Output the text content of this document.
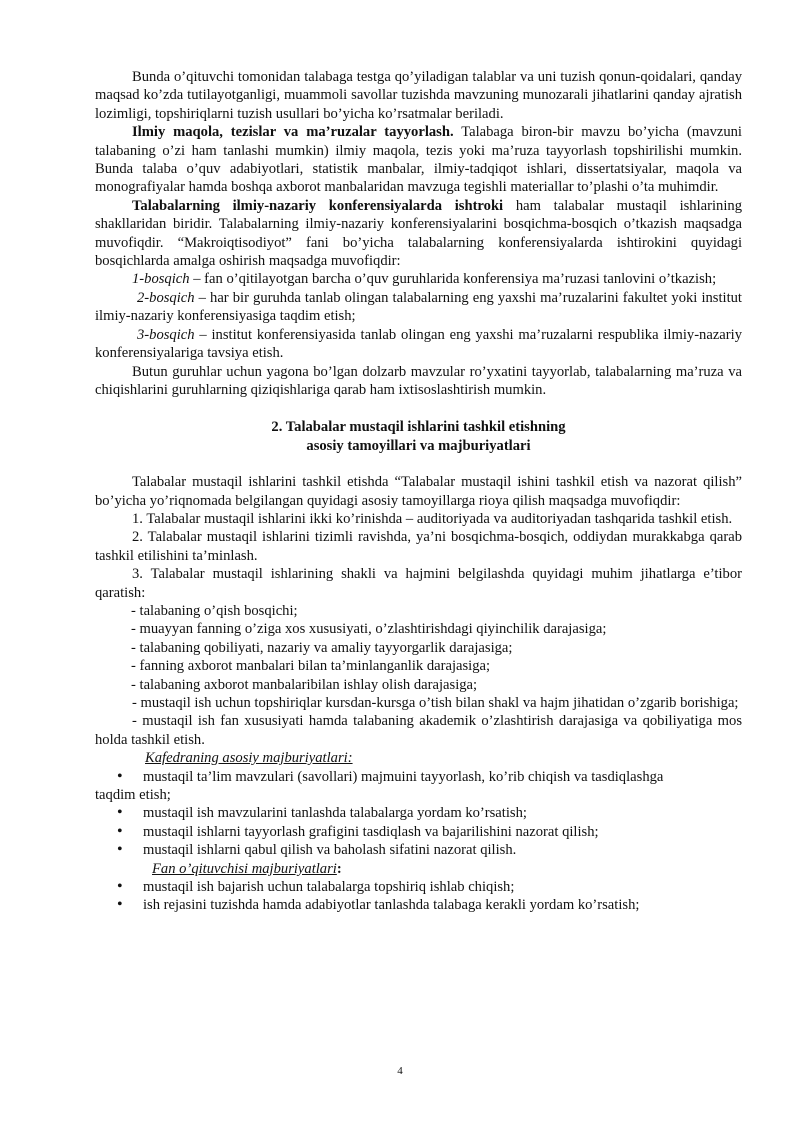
Bunda o’qituvchi tomonidan talabaga testga qo’yiladigan talablar va uni tuzish qonun-qoidalari, qanday maqsad ko’zda tutilayotganligi, muammoli savollar tuzishda mavzuning munozarali jihatlarini qanday ajratish lozimligi, topshiriqlarni tuzish usullari bo’yicha ko’rsatmalar beriladi.

Ilmiy maqola, tezislar va ma’ruzalar tayyorlash. Talabaga biron-bir mavzu bo’yicha (mavzuni talabaning o’zi ham tanlashi mumkin) ilmiy maqola, tezis yoki ma’ruza tayyorlash topshirilishi mumkin. Bunda talaba o’quv adabiyotlari, statistik manbalar, ilmiy-tadqiqot ishlari, dissertatsiyalar, maqola va monografiyalar hamda boshqa axborot manbalaridan mavzuga tegishli materiallar to’plashi o’ta muhimdir.

Talabalarning ilmiy-nazariy konferensiyalarda ishtroki ham talabalar mustaqil ishlarining shakllaridan biridir. Talabalarning ilmiy-nazariy konferensiyalarini bosqichma-bosqich o’tkazish maqsadga muvofiqdir. “Makroiqtisodiyot” fani bo’yicha talabalarning konferensiyalarda ishtirokini quyidagi bosqichlarda amalga oshirish maqsadga muvofiqdir:

1-bosqich – fan o’qitilayotgan barcha o’quv guruhlarida konferensiya ma’ruzasi tanlovini o’tkazish;

2-bosqich – har bir guruhda tanlab olingan talabalarning eng yaxshi ma’ruzalarini fakultet yoki institut ilmiy-nazariy konferensiyasiga taqdim etish;

3-bosqich – institut konferensiyasida tanlab olingan eng yaxshi ma’ruzalarni respublika ilmiy-nazariy konferensiyalariga tavsiya etish.

Butun guruhlar uchun yagona bo’lgan dolzarb mavzular ro’yxatini tayyorlab, talabalarning ma’ruza va chiqishlarini guruhlarning qiziqishlariga qarab ham ixtisoslashtirish mumkin.

2. Talabalar mustaqil ishlarini tashkil etishning
asosiy tamoyillari va majburiyatlari

Talabalar mustaqil ishlarini tashkil etishda “Talabalar mustaqil ishini tashkil etish va nazorat qilish” bo’yicha yo’riqnomada belgilangan quyidagi asosiy tamoyillarga rioya qilish maqsadga muvofiqdir:

1. Talabalar mustaqil ishlarini ikki ko’rinishda – auditoriyada va auditoriyadan tashqarida tashkil etish.

2. Talabalar mustaqil ishlarini tizimli ravishda, ya’ni bosqichma-bosqich, oddiydan murakkabga qarab tashkil etilishini ta’minlash.

3. Talabalar mustaqil ishlarining shakli va hajmini belgilashda quyidagi muhim jihatlarga e’tibor qaratish:

- talabaning o’qish bosqichi;
- muayyan fanning o’ziga xos xususiyati, o’zlashtirishdagi qiyinchilik darajasiga;
- talabaning qobiliyati, nazariy va amaliy tayyorgarlik darajasiga;
- fanning axborot manbalari bilan ta’minlanganlik darajasiga;
- talabaning axborot manbalaribilan ishlay olish darajasiga;

- mustaqil ish uchun topshiriqlar kursdan-kursga o’tish bilan shakl va hajm jihatidan o’zgarib borishiga;

- mustaqil ish fan xususiyati hamda talabaning akademik o’zlashtirish darajasiga va qobiliyatiga mos holda tashkil etish.

Kafedraning asosiy majburiyatlari:
• mustaqil ta’lim mavzulari (savollari) majmuini tayyorlash, ko’rib chiqish va tasdiqlashga
taqdim etish;
• mustaqil ish mavzularini tanlashda talabalarga yordam ko’rsatish;
• mustaqil ishlarni tayyorlash grafigini tasdiqlash va bajarilishini nazorat qilish;
• mustaqil ishlarni qabul qilish va baholash sifatini nazorat qilish.
Fan o’qituvchisi majburiyatlari:
• mustaqil ish bajarish uchun talabalarga topshiriq ishlab chiqish;
• ish rejasini tuzishda hamda adabiyotlar tanlashda talabaga kerakli yordam ko’rsatish;
4
